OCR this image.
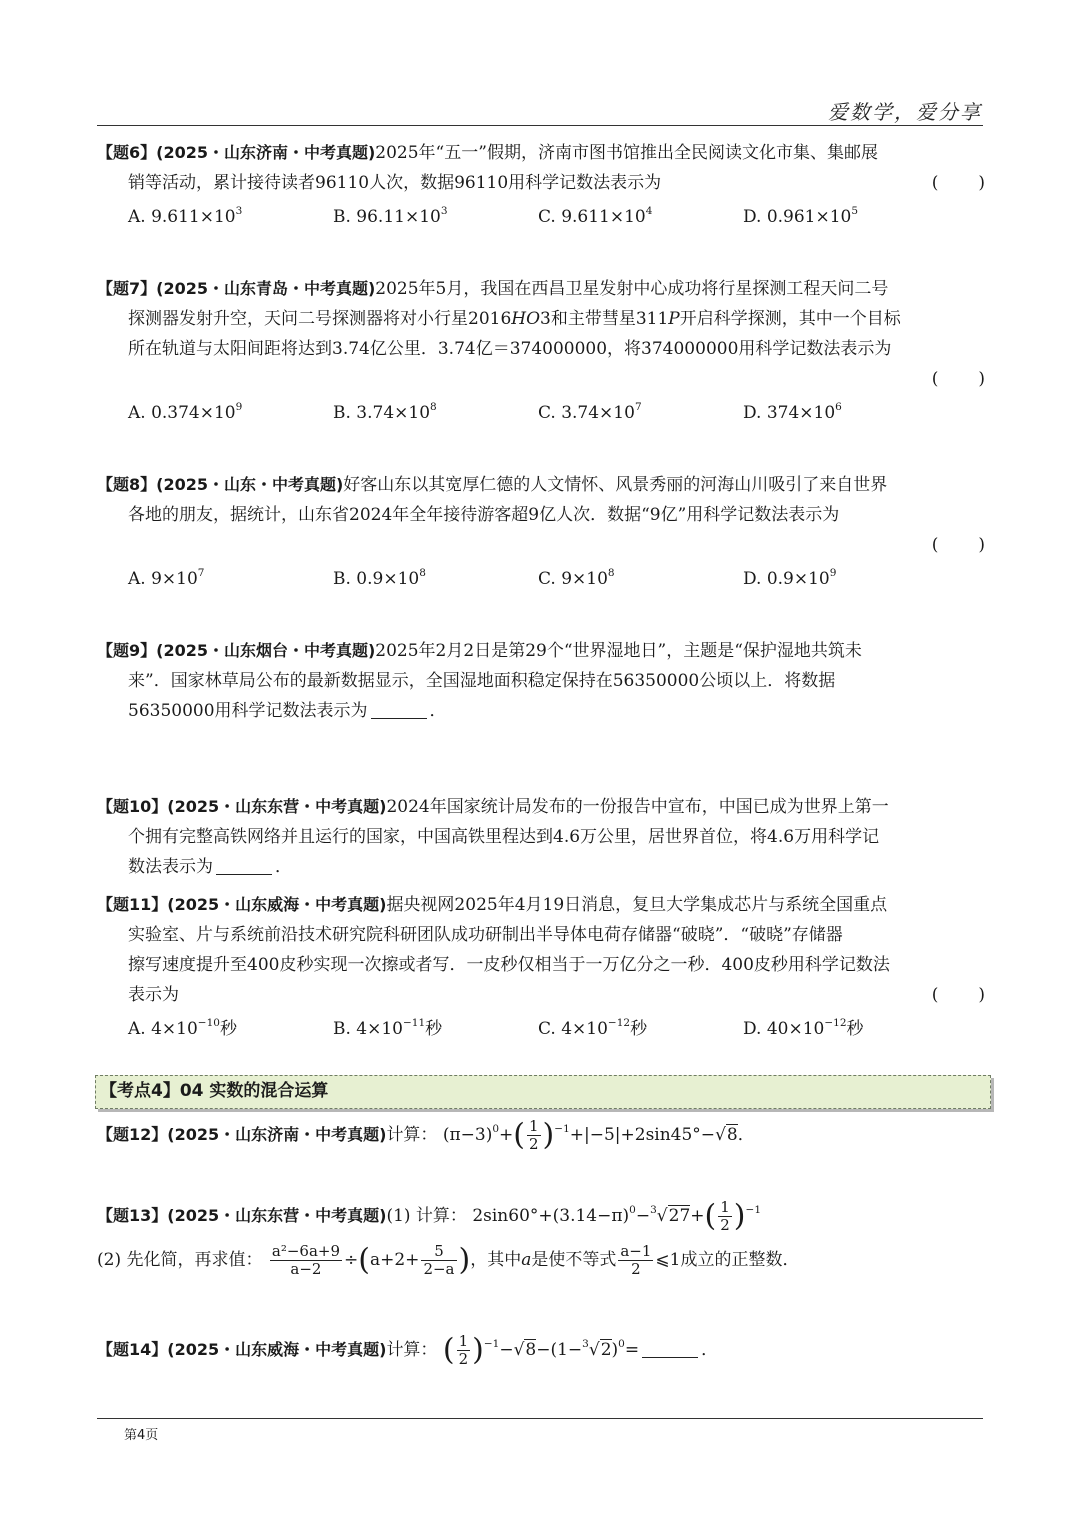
爱数学，爱分享
【题6】(2025・山东济南・中考真题)2025年“五一”假期，济南市图书馆推出全民阅读文化市集、集邮展
销等活动，累计接待读者96110人次，数据96110用科学记数法表示为	(　　)
A. $9.611\times 10^3$	B. $96.11\times 10^3$	C. $9.611\times 10^4$	D. $0.961\times 10^5$
【题7】(2025・山东青岛・中考真题)2025年5月，我国在西昌卫星发射中心成功将行星探测工程天问二号
探测器发射升空，天问二号探测器将对小行星2016HO3和主带彗星311P开启科学探测，其中一个目标
所在轨道与太阳间距将达到3.74亿公里．3.74亿＝374000000，将374000000用科学记数法表示为
(　　)
A. $0.374\times 10^9$	B. $3.74\times 10^8$	C. $3.74\times 10^7$	D. $374\times 10^6$
【题8】(2025・山东・中考真题)好客山东以其宽厚仁德的人文情怀、风景秀丽的河海山川吸引了来自世界
各地的朋友，据统计，山东省2024年全年接待游客超9亿人次．数据“9亿”用科学记数法表示为
(　　)
A. $9\times 10^7$	B. $0.9\times 10^8$	C. $9\times 10^8$	D. $0.9\times 10^9$
【题9】(2025・山东烟台・中考真题)2025年2月2日是第29个“世界湿地日”，主题是“保护湿地共筑未
来”．国家林草局公布的最新数据显示，全国湿地面积稳定保持在56350000公顷以上．将数据
56350000用科学记数法表示为	．
【题10】(2025・山东东营・中考真题)2024年国家统计局发布的一份报告中宣布，中国已成为世界上第一
个拥有完整高铁网络并且运行的国家，中国高铁里程达到4.6万公里，居世界首位，将4.6万用科学记
数法表示为	．
【题11】(2025・山东威海・中考真题)据央视网2025年4月19日消息，复旦大学集成芯片与系统全国重点
实验室、片与系统前沿技术研究院科研团队成功研制出半导体电荷存储器“破晓”．“破晓”存储器
擦写速度提升至400皮秒实现一次擦或者写．一皮秒仅相当于一万亿分之一秒．400皮秒用科学记数法
表示为	(　　)
A. $4\times 10^{-10}$秒	B. $4\times 10^{-11}$秒	C. $4\times 10^{-12}$秒	D. $40\times 10^{-12}$秒
【考点4】04 实数的混合运算
【题12】(2025・山东济南・中考真题)计算： $(\pi-3)^0+( \frac{1}{2} )^{-1}+|-5|+2\sin 45^\circ-√8$．
【题13】(2025・山东东营・中考真题)(1) 计算： $2\sin 60^\circ+(3.14-\pi)^0-^3√27+( \frac{1}{2} )^{-1}$
(2) 先化简，再求值： $\frac{\text{a²−6a+9}}{a-2} \div(a+2+ \frac{5}{2-a}$ )，其中a是使不等式 $\frac{a-1}{2}$ ⩽1成立的正整数．
【题14】(2025・山东威海・中考真题)计算： ( $\frac{1}{2} )^{-1}-√8-(1-^3√2)^0=$	．
第4页
